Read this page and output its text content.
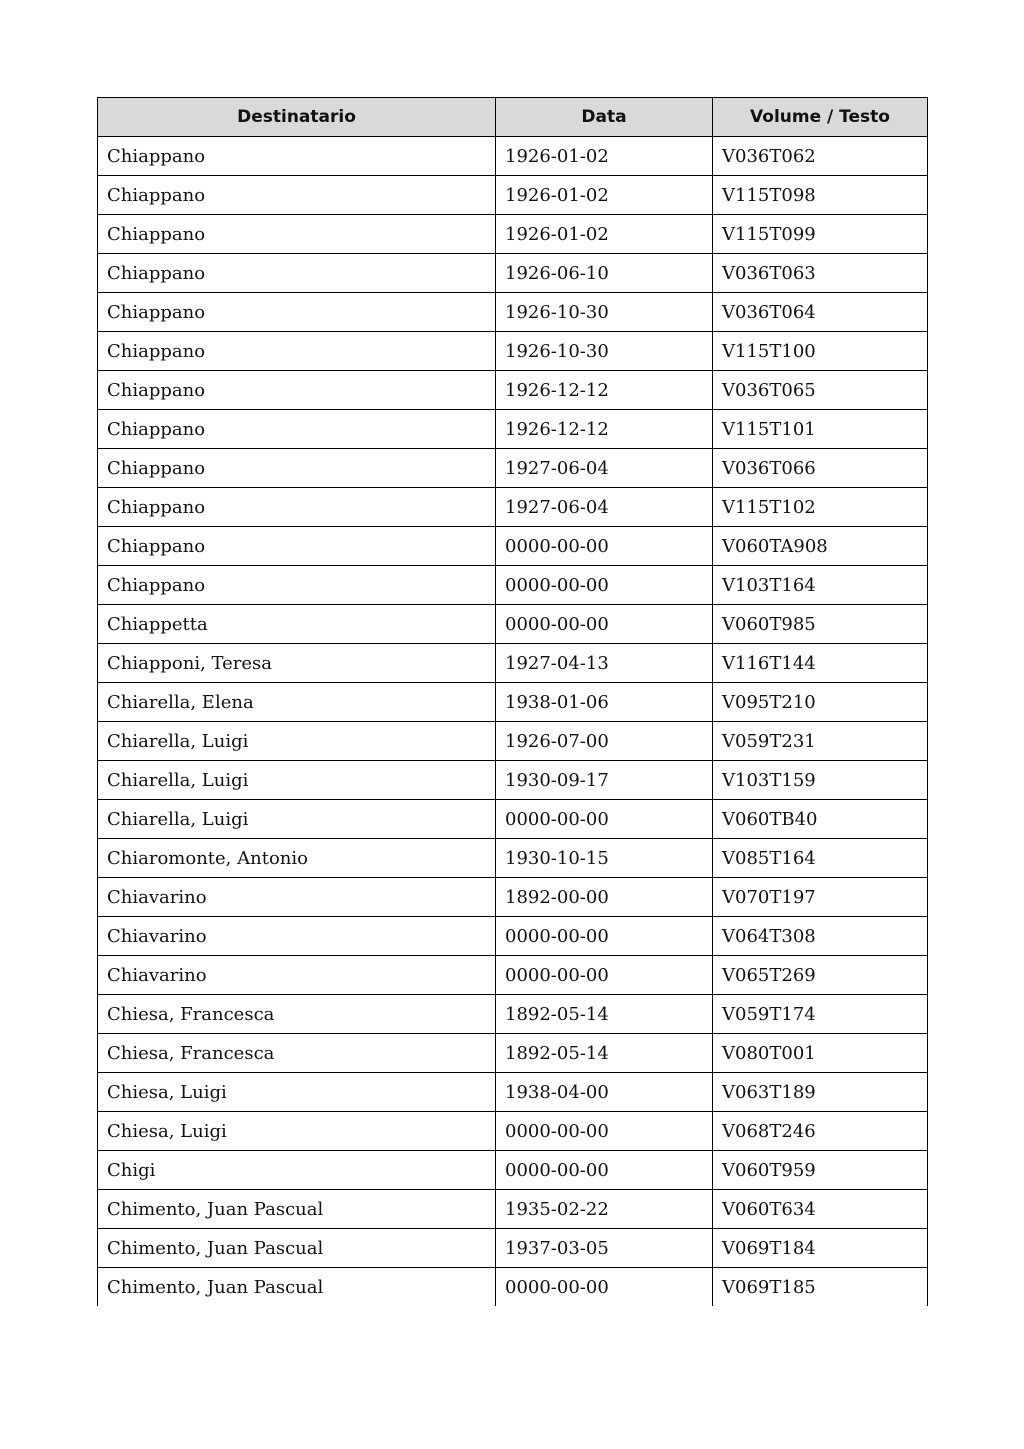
Destinatario	Data	Volume / Testo
Chiappano	1926-01-02	V036T062
Chiappano	1926-01-02	V115T098
Chiappano	1926-01-02	V115T099
Chiappano	1926-06-10	V036T063
Chiappano	1926-10-30	V036T064
Chiappano	1926-10-30	V115T100
Chiappano	1926-12-12	V036T065
Chiappano	1926-12-12	V115T101
Chiappano	1927-06-04	V036T066
Chiappano	1927-06-04	V115T102
Chiappano	0000-00-00	V060TA908
Chiappano	0000-00-00	V103T164
Chiappetta	0000-00-00	V060T985
Chiapponi, Teresa	1927-04-13	V116T144
Chiarella, Elena	1938-01-06	V095T210
Chiarella, Luigi	1926-07-00	V059T231
Chiarella, Luigi	1930-09-17	V103T159
Chiarella, Luigi	0000-00-00	V060TB40
Chiaromonte, Antonio	1930-10-15	V085T164
Chiavarino	1892-00-00	V070T197
Chiavarino	0000-00-00	V064T308
Chiavarino	0000-00-00	V065T269
Chiesa, Francesca	1892-05-14	V059T174
Chiesa, Francesca	1892-05-14	V080T001
Chiesa, Luigi	1938-04-00	V063T189
Chiesa, Luigi	0000-00-00	V068T246
Chigi	0000-00-00	V060T959
Chimento, Juan Pascual	1935-02-22	V060T634
Chimento, Juan Pascual	1937-03-05	V069T184
Chimento, Juan Pascual	0000-00-00	V069T185
